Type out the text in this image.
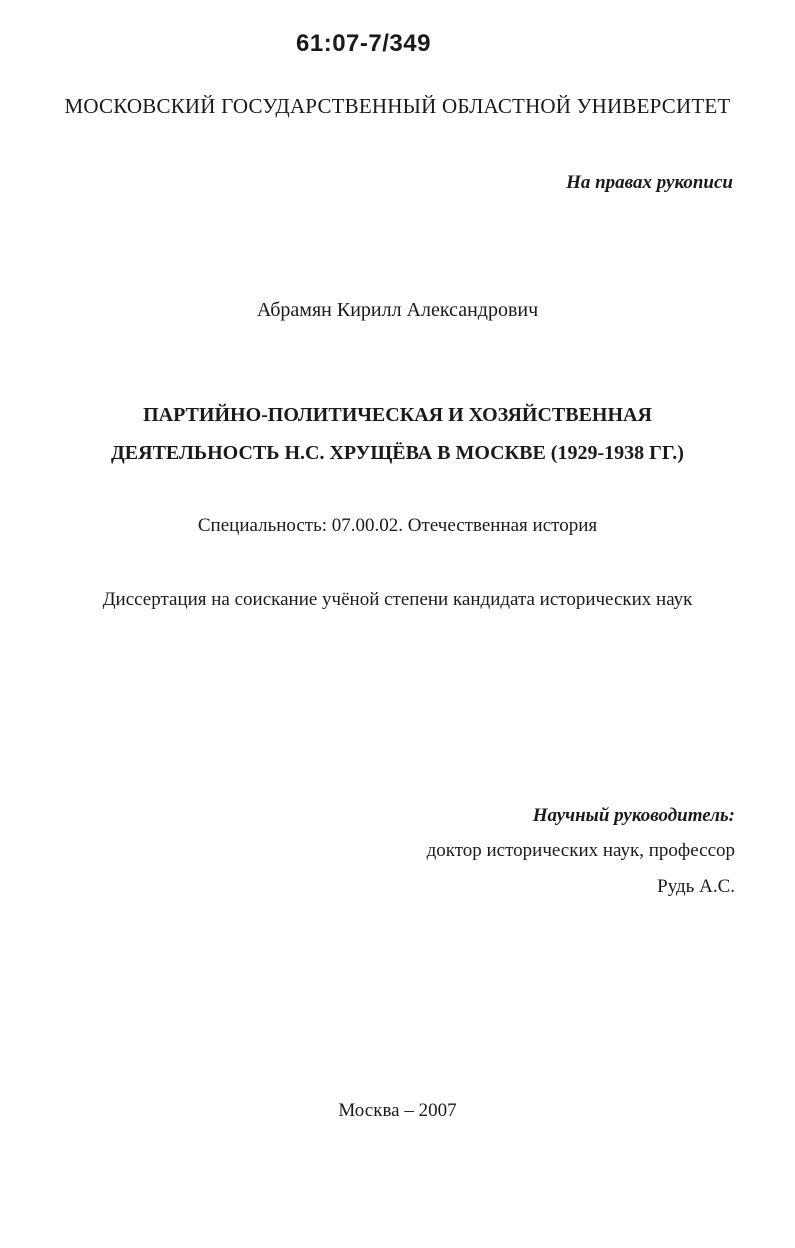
61:07-7/349
МОСКОВСКИЙ ГОСУДАРСТВЕННЫЙ ОБЛАСТНОЙ УНИВЕРСИТЕТ
На правах рукописи
Абрамян Кирилл Александрович
ПАРТИЙНО-ПОЛИТИЧЕСКАЯ И ХОЗЯЙСТВЕННАЯ
ДЕЯТЕЛЬНОСТЬ Н.С. ХРУЩЁВА В МОСКВЕ (1929-1938 ГГ.)
Специальность: 07.00.02. Отечественная история
Диссертация на соискание учёной степени кандидата исторических наук
Научный руководитель:
доктор исторических наук, профессор
Рудь А.С.
Москва – 2007
